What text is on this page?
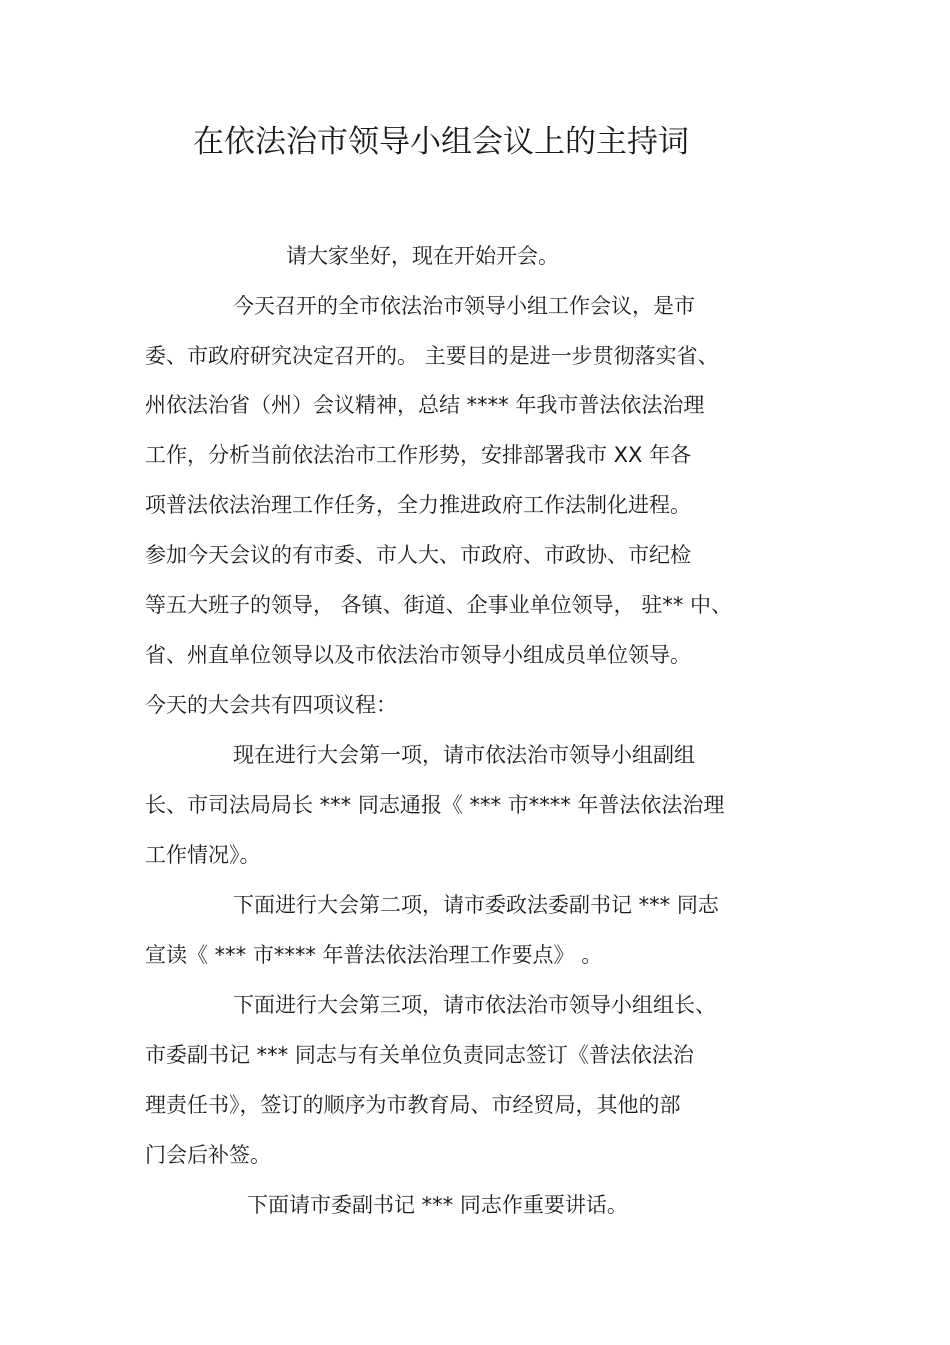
在依法治市领导小组会议上的主持词
请大家坐好，现在开始开会。
今天召开的全市依法治市领导小组工作会议，是市
委、市政府研究决定召开的。 主要目的是进一步贯彻落实省、
州依法治省（州）会议精神，总结 **** 年我市普法依法治理
工作，分析当前依法治市工作形势，安排部署我市 XX 年各
项普法依法治理工作任务，全力推进政府工作法制化进程。
参加今天会议的有市委、市人大、市政府、市政协、市纪检
等五大班子的领导， 各镇、街道、企事业单位领导， 驻** 中、
省、州直单位领导以及市依法治市领导小组成员单位领导。
今天的大会共有四项议程：
现在进行大会第一项，请市依法治市领导小组副组
长、市司法局局长 *** 同志通报《 *** 市**** 年普法依法治理
工作情况》。
下面进行大会第二项，请市委政法委副书记 *** 同志
宣读《 *** 市**** 年普法依法治理工作要点》 。
下面进行大会第三项，请市依法治市领导小组组长、
市委副书记 *** 同志与有关单位负责同志签订《普法依法治
理责任书》，签订的顺序为市教育局、市经贸局，其他的部
门会后补签。
下面请市委副书记 *** 同志作重要讲话。
